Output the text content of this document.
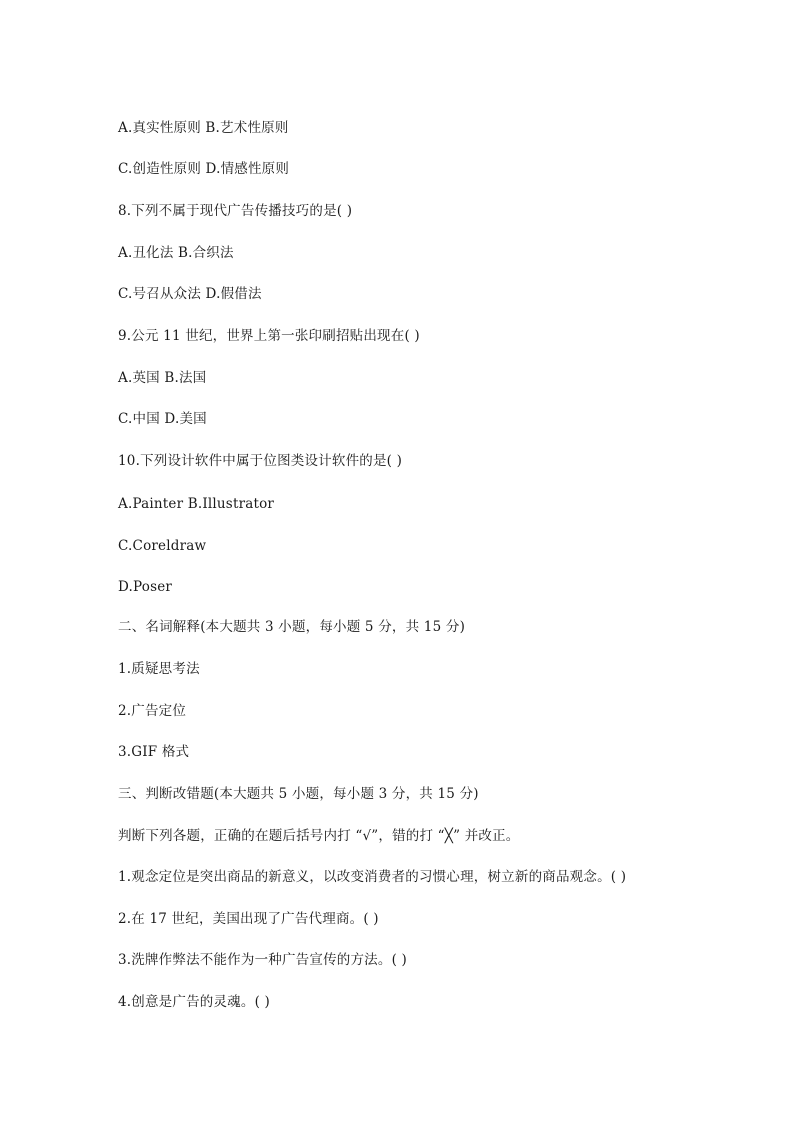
A.真实性原则 B.艺术性原则
C.创造性原则 D.情感性原则
8.下列不属于现代广告传播技巧的是( )
A.丑化法 B.合织法
C.号召从众法 D.假借法
9.公元 11 世纪，世界上第一张印刷招贴出现在( )
A.英国 B.法国
C.中国 D.美国
10.下列设计软件中属于位图类设计软件的是( )
A.Painter B.Illustrator
C.Coreldraw
D.Poser
二、名词解释(本大题共 3 小题，每小题 5 分，共 15 分)
1.质疑思考法
2.广告定位
3.GIF 格式
三、判断改错题(本大题共 5 小题，每小题 3 分，共 15 分)
判断下列各题，正确的在题后括号内打 “√”，错的打 “╳” 并改正。
1.观念定位是突出商品的新意义，以改变消费者的习惯心理，树立新的商品观念。( )
2.在 17 世纪，美国出现了广告代理商。( )
3.洗牌作弊法不能作为一种广告宣传的方法。( )
4.创意是广告的灵魂。( )
